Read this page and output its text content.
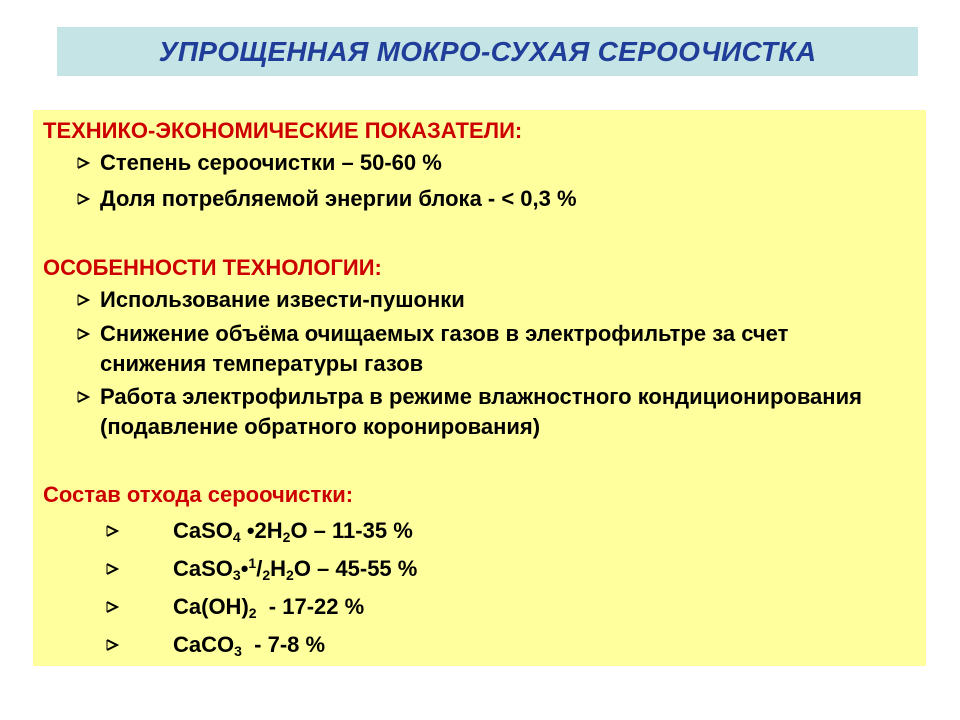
УПРОЩЕННАЯ МОКРО-СУХАЯ СЕРООЧИСТКА
ТЕХНИКО-ЭКОНОМИЧЕСКИЕ ПОКАЗАТЕЛИ:
Степень сероочистки – 50-60 %
Доля потребляемой энергии блока - < 0,3 %
ОСОБЕННОСТИ ТЕХНОЛОГИИ:
Использование извести-пушонки
Снижение объёма очищаемых газов в электрофильтре за счет снижения температуры газов
Работа электрофильтра в режиме влажностного кондиционирования (подавление обратного коронирования)
Состав отхода сероочистки:
CaSO$_4$ $•2H_2O - 11-35$ %
$CaSO_3•^1/_2H_2O - 45-55$ %
$Ca(OH)_2 - 17-22$ %
CaCO$_3$  - 7-8 %
